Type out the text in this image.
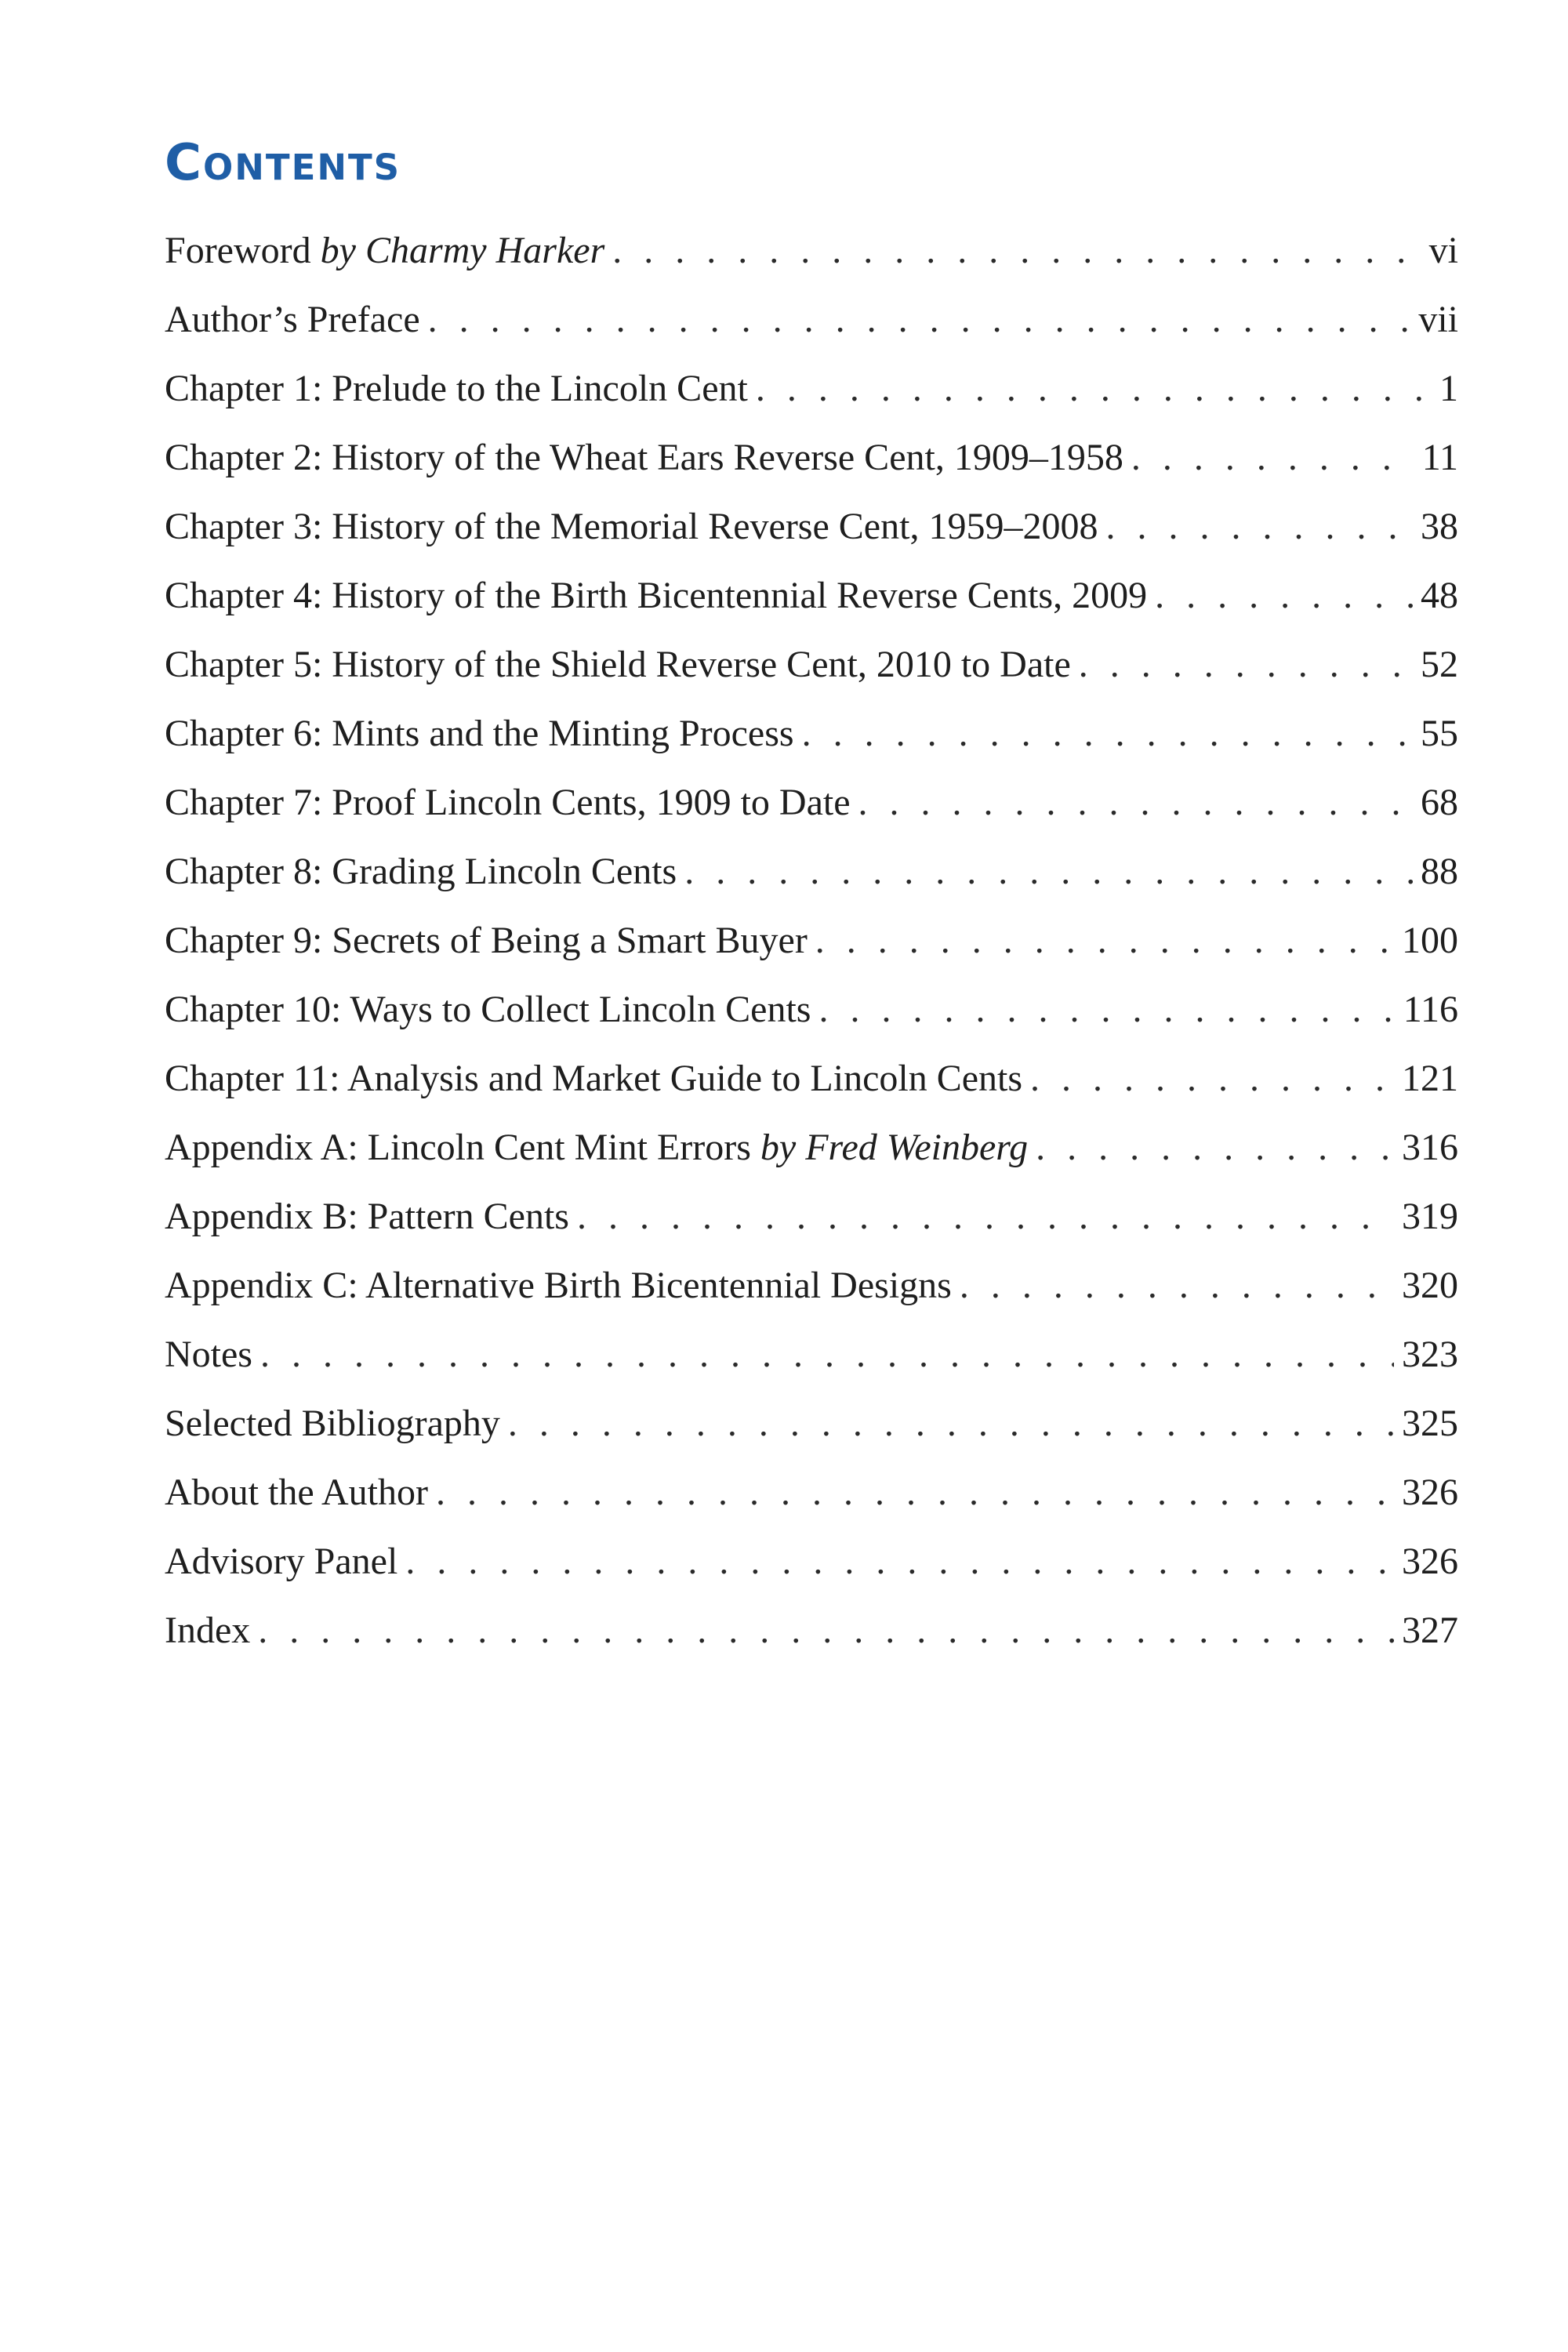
Contents
Foreword by Charmy Harker . . .	vi
Author’s Preface . . .	vii
Chapter 1: Prelude to the Lincoln Cent . . .	1
Chapter 2: History of the Wheat Ears Reverse Cent, 1909–1958 . . .	11
Chapter 3: History of the Memorial Reverse Cent, 1959–2008 . . .	38
Chapter 4: History of the Birth Bicentennial Reverse Cents, 2009 . . .	48
Chapter 5: History of the Shield Reverse Cent, 2010 to Date . . .	52
Chapter 6: Mints and the Minting Process . . .	55
Chapter 7: Proof Lincoln Cents, 1909 to Date . . .	68
Chapter 8: Grading Lincoln Cents . . .	88
Chapter 9: Secrets of Being a Smart Buyer . . .	100
Chapter 10: Ways to Collect Lincoln Cents . . .	116
Chapter 11: Analysis and Market Guide to Lincoln Cents . . .	121
Appendix A: Lincoln Cent Mint Errors by Fred Weinberg . . .	316
Appendix B: Pattern Cents . . .	319
Appendix C: Alternative Birth Bicentennial Designs . . .	320
Notes . . .	323
Selected Bibliography . . .	325
About the Author . . .	326
Advisory Panel . . .	326
Index . . .	327
